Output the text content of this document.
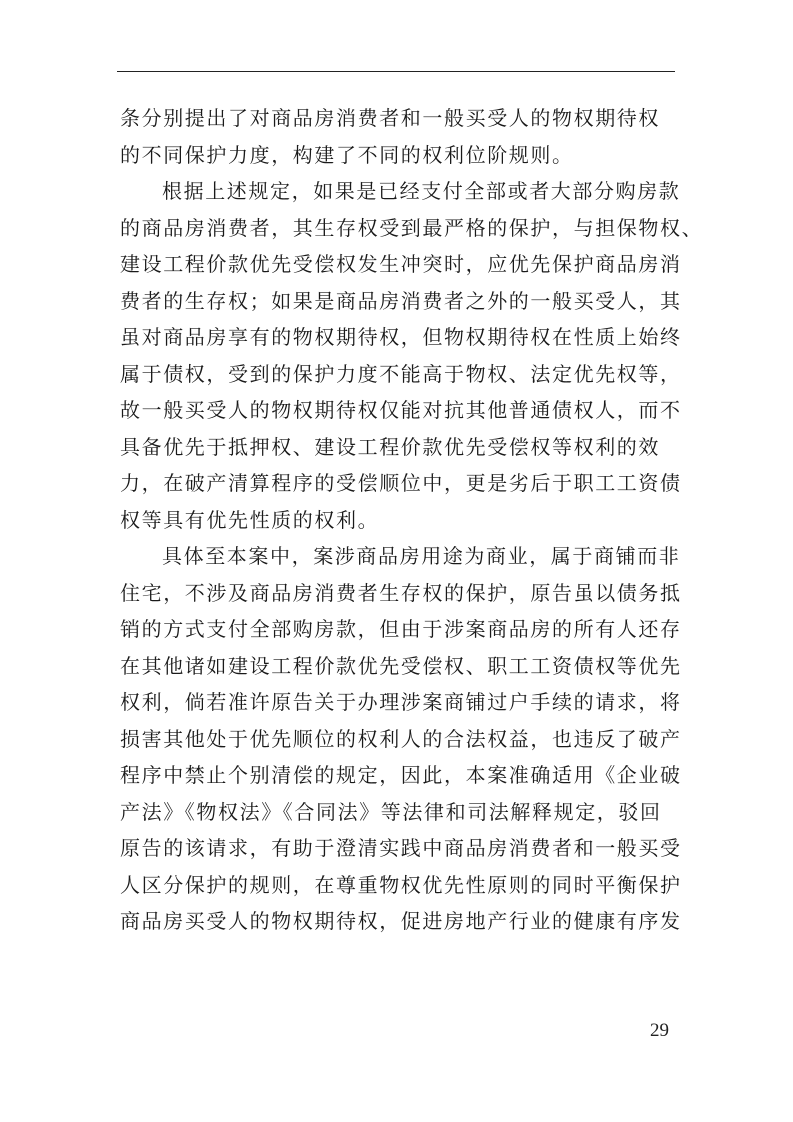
条分别提出了对商品房消费者和一般买受人的物权期待权
的不同保护力度，构建了不同的权利位阶规则。
根据上述规定，如果是已经支付全部或者大部分购房款
的商品房消费者，其生存权受到最严格的保护，与担保物权、
建设工程价款优先受偿权发生冲突时，应优先保护商品房消
费者的生存权；如果是商品房消费者之外的一般买受人，其
虽对商品房享有的物权期待权，但物权期待权在性质上始终
属于债权，受到的保护力度不能高于物权、法定优先权等，
故一般买受人的物权期待权仅能对抗其他普通债权人，而不
具备优先于抵押权、建设工程价款优先受偿权等权利的效
力，在破产清算程序的受偿顺位中，更是劣后于职工工资债
权等具有优先性质的权利。
具体至本案中，案涉商品房用途为商业，属于商铺而非
住宅，不涉及商品房消费者生存权的保护，原告虽以债务抵
销的方式支付全部购房款，但由于涉案商品房的所有人还存
在其他诸如建设工程价款优先受偿权、职工工资债权等优先
权利，倘若准许原告关于办理涉案商铺过户手续的请求，将
损害其他处于优先顺位的权利人的合法权益，也违反了破产
程序中禁止个别清偿的规定，因此，本案准确适用《企业破
产法》《物权法》《合同法》等法律和司法解释规定，驳回
原告的该请求，有助于澄清实践中商品房消费者和一般买受
人区分保护的规则，在尊重物权优先性原则的同时平衡保护
商品房买受人的物权期待权，促进房地产行业的健康有序发
29
